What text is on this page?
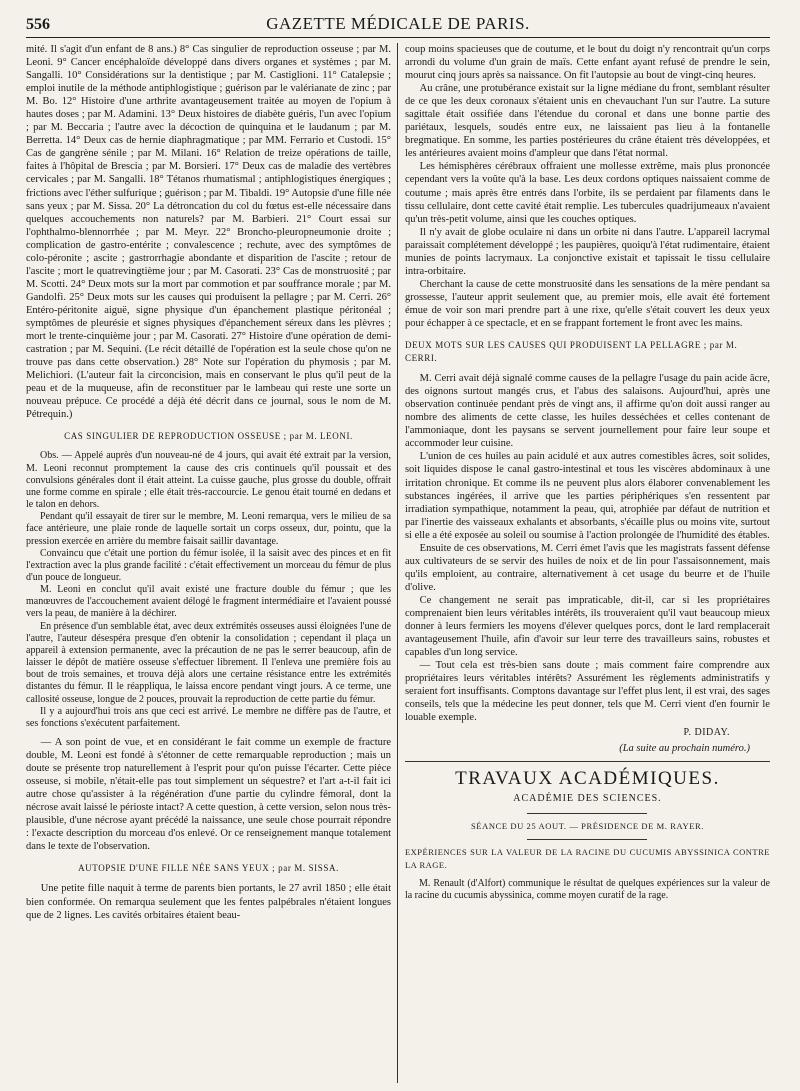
556	GAZETTE MÉDICALE DE PARIS.

mité. Il s'agit d'un enfant de 8 ans.) 8° Cas singulier de reproduction osseuse ; par M. Leoni. 9° Cancer encéphaloïde développé dans divers organes et systèmes ; par M. Sangalli. 10° Considérations sur la dentistique ; par M. Castiglioni. 11° Catalepsie ; emploi inutile de la méthode antiphlogistique ; guérison par le valérianate de zinc ; par M. Bo. 12° Histoire d'une arthrite avantageusement traitée au moyen de l'opium à hautes doses ; par M. Adamini. 13° Deux histoires de diabète guéris, l'un avec l'opium ; par M. Beccaria ; l'autre avec la décoction de quinquina et le laudanum ; par M. Berretta. 14° Deux cas de hernie diaphragmatique ; par MM. Ferrario et Custodi. 15° Cas de gangrène sénile ; par M. Milani. 16° Relation de treize opérations de taille, faites à l'hôpital de Brescia ; par M. Borsieri. 17° Deux cas de maladie des vertèbres cervicales ; par M. Sangalli. 18° Tétanos rhumatismal ; antiphlogistiques énergiques ; frictions avec l'éther sulfurique ; guérison ; par M. Tibaldi. 19° Autopsie d'une fille née sans yeux ; par M. Sissa. 20° La détroncation du col du fœtus est-elle nécessaire dans quelques accouchements non naturels? par M. Barbieri. 21° Court essai sur l'ophthalmo-blennorrhée ; par M. Meyr. 22° Broncho-pleuropneumonie droite ; complication de gastro-entérite ; convalescence ; rechute, avec des symptômes de colo-péronite ; ascite ; gastrorrhagie abondante et disparition de l'ascite ; retour de l'ascite ; mort le quatrevingtième jour ; par M. Casorati. 23° Cas de monstruosité ; par M. Scotti. 24° Deux mots sur la mort par commotion et par souffrance morale ; par M. Gandolfi. 25° Deux mots sur les causes qui produisent la pellagre ; par M. Cerri. 26° Entéro-péritonite aiguë, signe physique d'un épanchement plastique péritonéal ; symptômes de pleurésie et signes physiques d'épanchement séreux dans les plèvres ; mort le trente-cinquième jour ; par M. Casorati. 27° Histoire d'une opération de demi-castration ; par M. Sequini. (Le récit détaillé de l'opération est la seule chose qu'on ne trouve pas dans cette observation.) 28° Note sur l'opération du phymosis ; par M. Melichiori. (L'auteur fait la circoncision, mais en conservant le plus qu'il peut de la peau et de la muqueuse, afin de reconstituer par le lambeau qui reste une sorte un nouveau prépuce. Ce procédé a déjà été décrit dans ce journal, sous le nom de M. Pétrequin.)

CAS SINGULIER DE REPRODUCTION OSSEUSE ; par M. LEONI.

Obs. — Appelé auprès d'un nouveau-né de 4 jours, qui avait été extrait par la version, M. Leoni reconnut promptement la cause des cris continuels qu'il poussait et des convulsions générales dont il était atteint. La cuisse gauche, plus grosse du double, offrait une forme comme en spirale ; elle était très-raccourcie. Le genou était tourné en dedans et le talon en dehors.

Pendant qu'il essayait de tirer sur le membre, M. Leoni remarqua, vers le milieu de sa face antérieure, une plaie ronde de laquelle sortait un corps osseux, dur, pointu, que la pression exercée en arrière du membre faisait saillir davantage.

Convaincu que c'était une portion du fémur isolée, il la saisit avec des pinces et en fit l'extraction avec la plus grande facilité : c'était effectivement un morceau du fémur de plus d'un pouce de longueur.

M. Leoni en conclut qu'il avait existé une fracture double du fémur ; que les manœuvres de l'accouchement avaient délogé le fragment intermédiaire et l'avaient poussé vers la peau, de manière à la déchirer.

En présence d'un semblable état, avec deux extrémités osseuses aussi éloignées l'une de l'autre, l'auteur désespéra presque d'en obtenir la consolidation ; cependant il plaça un appareil à extension permanente, avec la précaution de ne pas le serrer beaucoup, afin de laisser le dépôt de matière osseuse s'effectuer librement. Il l'enleva une première fois au bout de trois semaines, et trouva déjà alors une certaine résistance entre les extrémités distantes du fémur. Il le réappliqua, le laissa encore pendant vingt jours. A ce terme, une callosité osseuse, longue de 2 pouces, prouvait la reproduction de cette partie du fémur.

Il y a aujourd'hui trois ans que ceci est arrivé. Le membre ne diffère pas de l'autre, et ses fonctions s'exécutent parfaitement.

— A son point de vue, et en considérant le fait comme un exemple de fracture double, M. Leoni est fondé à s'étonner de cette remarquable reproduction ; mais un doute se présente trop naturellement à l'esprit pour qu'on puisse l'écarter. Cette pièce osseuse, si mobile, n'était-elle pas tout simplement un séquestre? et l'art a-t-il fait ici autre chose qu'assister à la régénération d'une partie du cylindre fémoral, dont la nécrose avait laissé le périoste intact? A cette question, à cette version, selon nous très-plausible, d'une nécrose ayant précédé la naissance, une seule chose pourrait répondre : l'exacte description du morceau d'os enlevé. Or ce renseignement manque totalement dans le texte de l'observation.

AUTOPSIE D'UNE FILLE NÉE SANS YEUX ; par M. SISSA.

Une petite fille naquit à terme de parents bien portants, le 27 avril 1850 ; elle était bien conformée. On remarqua seulement que les fentes palpébrales n'étaient longues que de 2 lignes. Les cavités orbitaires étaient beau-

coup moins spacieuses que de coutume, et le bout du doigt n'y rencontrait qu'un corps arrondi du volume d'un grain de maïs. Cette enfant ayant refusé de prendre le sein, mourut cinq jours après sa naissance. On fit l'autopsie au bout de vingt-cinq heures.

Au crâne, une protubérance existait sur la ligne médiane du front, semblant résulter de ce que les deux coronaux s'étaient unis en chevauchant l'un sur l'autre. La suture sagittale était ossifiée dans l'étendue du coronal et dans une bonne partie des pariétaux, lesquels, soudés entre eux, ne laissaient pas lieu à la fontanelle bregmatique. En somme, les parties postérieures du crâne étaient très développées, et les antérieures avaient moins d'ampleur que dans l'état normal.

Les hémisphères cérébraux offraient une mollesse extrême, mais plus prononcée cependant vers la voûte qu'à la base. Les deux cordons optiques naissaient comme de coutume ; mais après être entrés dans l'orbite, ils se perdaient par filaments dans le tissu cellulaire, dont cette cavité était remplie. Les tubercules quadrijumeaux n'avaient qu'un très-petit volume, ainsi que les couches optiques.

Il n'y avait de globe oculaire ni dans un orbite ni dans l'autre. L'appareil lacrymal paraissait complétement développé ; les paupières, quoiqu'à l'état rudimentaire, étaient munies de points lacrymaux. La conjonctive existait et tapissait le tissu cellulaire intra-orbitaire.

Cherchant la cause de cette monstruosité dans les sensations de la mère pendant sa grossesse, l'auteur apprit seulement que, au premier mois, elle avait été fortement émue de voir son mari prendre part à une rixe, qu'elle s'était couvert les deux yeux pour échapper à ce spectacle, et en se frappant fortement le front avec les mains.

DEUX MOTS SUR LES CAUSES QUI PRODUISENT LA PELLAGRE ; par M. CERRI.

M. Cerri avait déjà signalé comme causes de la pellagre l'usage du pain acide âcre, des oignons surtout mangés crus, et l'abus des salaisons. Aujourd'hui, après une observation continuée pendant près de vingt ans, il affirme qu'on doit aussi ranger au nombre des aliments de cette classe, les huiles desséchées et celles contenant de l'ammoniaque, dont les paysans se servent journellement pour faire leur soupe et accommoder leur cuisine.

L'union de ces huiles au pain acidulé et aux autres comestibles âcres, soit solides, soit liquides dispose le canal gastro-intestinal et tous les viscères abdominaux à une irritation chronique. Et comme ils ne peuvent plus alors élaborer convenablement les substances ingérées, il arrive que les parties périphériques s'en ressentent par irradiation sympathique, notamment la peau, qui, atrophiée par défaut de nutrition et par l'inertie des vaisseaux exhalants et absorbants, s'écaille plus ou moins vite, surtout si elle a été exposée au soleil ou soumise à l'action prolongée de l'humidité des étables.

Ensuite de ces observations, M. Cerri émet l'avis que les magistrats fassent défense aux cultivateurs de se servir des huiles de noix et de lin pour l'assaisonnement, mais qu'ils emploient, au contraire, alternativement à cet usage du beurre et de l'huile d'olive.

Ce changement ne serait pas impraticable, dit-il, car si les propriétaires comprenaient bien leurs véritables intérêts, ils trouveraient qu'il vaut beaucoup mieux donner à leurs fermiers les moyens d'élever quelques porcs, dont le lard remplacerait avantageusement l'huile, afin d'avoir sur leur terre des travailleurs sains, robustes et capables d'un long service.

— Tout cela est très-bien sans doute ; mais comment faire comprendre aux propriétaires leurs véritables intérêts? Assurément les règlements administratifs y seraient fort insuffisants. Comptons davantage sur l'effet plus lent, il est vrai, des sages conseils, tels que la médecine les peut donner, tels que M. Cerri vient d'en fournir le louable exemple.

P. DIDAY.
(La suite au prochain numéro.)
TRAVAUX ACADÉMIQUES.
ACADÉMIE DES SCIENCES.
SÉANCE DU 25 AOUT. — PRÉSIDENCE DE M. RAYER.
EXPÉRIENCES SUR LA VALEUR DE LA RACINE DU CUCUMIS ABYSSINICA CONTRE LA RAGE.

M. Renault (d'Alfort) communique le résultat de quelques expériences sur la valeur de la racine du cucumis abyssinica, comme moyen curatif de la rage.
